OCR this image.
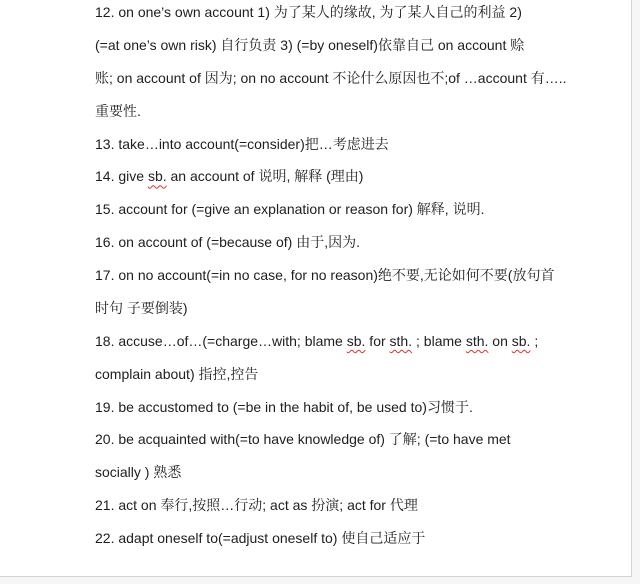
12. on one’s own account 1) 为了某人的缘故, 为了某人自己的利益 2)
(=at one’s own risk) 自行负责 3) (=by oneself)依靠自己 on account 赊
账; on account of 因为; on no account 不论什么原因也不;of …account 有…..
重要性.
13. take…into account(=consider)把…考虑进去
14. give sb. an account of 说明, 解释 (理由)
15. account for (=give an explanation or reason for) 解释, 说明.
16. on account of (=because of) 由于,因为.
17. on no account(=in no case, for no reason)绝不要,无论如何不要(放句首
时句 子要倒装)
18. accuse…of…(=charge…with; blame sb. for sth. ; blame sth. on sb. ;
complain about) 指控,控告
19. be accustomed to (=be in the habit of, be used to)习惯于.
20. be acquainted with(=to have knowledge of) 了解; (=to have met
socially ) 熟悉
21. act on 奉行,按照…行动; act as 扮演; act for 代理
22. adapt oneself to(=adjust oneself to) 使自己适应于
